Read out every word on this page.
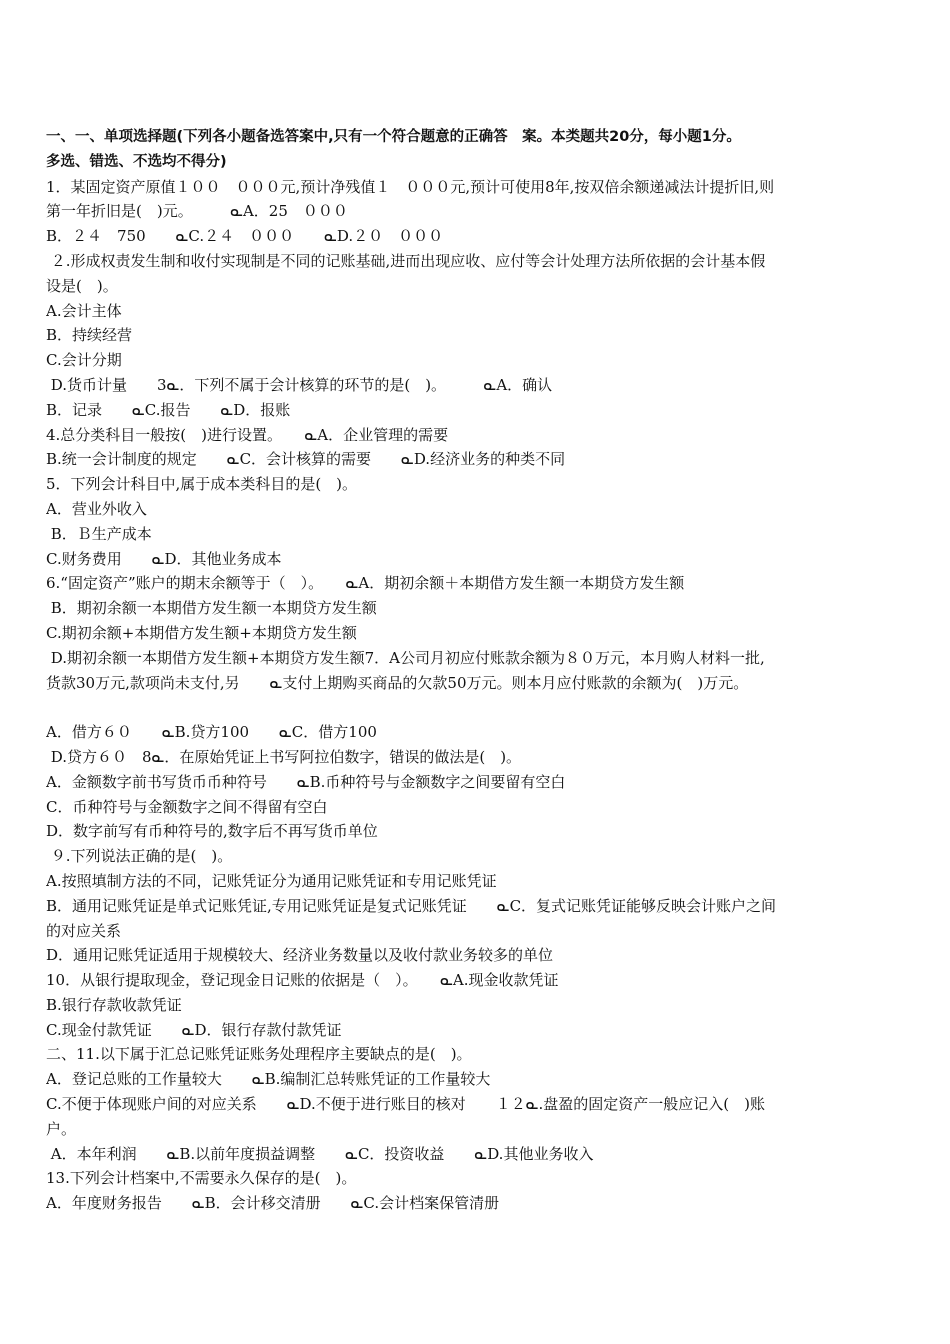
一、一、单项选择题(下列各小题备选答案中,只有一个符合题意的正确答　案。本类题共20分，每小题1分。
多选、错选、不选均不得分)
1．某固定资产原值１００　０００元,预计净残值１　０００元,预计可使用8年,按双倍余额递减法计提折旧,则
第一年折旧是(　)元。　　　ᓇA．25　０００
B．２４　750　　ᓇC.２４　０００　　ᓇD.２０　０００
２.形成权责发生制和收付实现制是不同的记账基础,进而出现应收、应付等会计处理方法所依据的会计基本假
设是(　)。
A.会计主体
B．持续经营
C.会计分期
D.货币计量　　3ᓇ．下列不属于会计核算的环节的是(　)。　　　ᓇA．确认
B．记录　　ᓇC.报告　　ᓇD．报账
4.总分类科目一般按(　)进行设置。　　ᓇA．企业管理的需要
B.统一会计制度的规定　　ᓇC．会计核算的需要　　ᓇD.经济业务的种类不同
5．下列会计科目中,属于成本类科目的是(　)。
A．营业外收入
B．Ｂ生产成本
C.财务费用　　ᓇD．其他业务成本
6.“固定资产”账户的期末余额等于（　）。　　ᓇA．期初余额＋本期借方发生额一本期贷方发生额
B．期初余额一本期借方发生额一本期贷方发生额
C.期初余额+本期借方发生额+本期贷方发生额
D.期初余额一本期借方发生额+本期贷方发生额7．A公司月初应付账款余额为８０万元，本月购人材料一批,
货款30万元,款项尚未支付,另　　ᓇ支付上期购买商品的欠款50万元。则本月应付账款的余额为(　)万元。
A．借方６０　　ᓇB.贷方100　　ᓇC．借方100
D.贷方６０　8ᓇ．在原始凭证上书写阿拉伯数字，错误的做法是(　)。
A．金额数字前书写货币币种符号　　ᓇB.币种符号与金额数字之间要留有空白
C．币种符号与金额数字之间不得留有空白
D．数字前写有币种符号的,数字后不再写货币单位
９.下列说法正确的是(　)。
A.按照填制方法的不同，记账凭证分为通用记账凭证和专用记账凭证
B．通用记账凭证是单式记账凭证,专用记账凭证是复式记账凭证　　ᓇC．复式记账凭证能够反映会计账户之间
的对应关系
D．通用记账凭证适用于规模较大、经济业务数量以及收付款业务较多的单位
10．从银行提取现金，登记现金日记账的依据是（　）。　　ᓇA.现金收款凭证
B.银行存款收款凭证
C.现金付款凭证　　ᓇD．银行存款付款凭证
二、11.以下属于汇总记账凭证账务处理程序主要缺点的是(　)。
A．登记总账的工作量较大　　ᓇB.编制汇总转账凭证的工作量较大
C.不便于体现账户间的对应关系　　ᓇD.不便于进行账目的核对　　１２ᓇ.盘盈的固定资产一般应记入(　)账
户。
A．本年利润　　ᓇB.以前年度损益调整　　ᓇC．投资收益　　ᓇD.其他业务收入
13.下列会计档案中,不需要永久保存的是(　)。
A．年度财务报告　　ᓇB．会计移交清册　　ᓇC.会计档案保管清册
